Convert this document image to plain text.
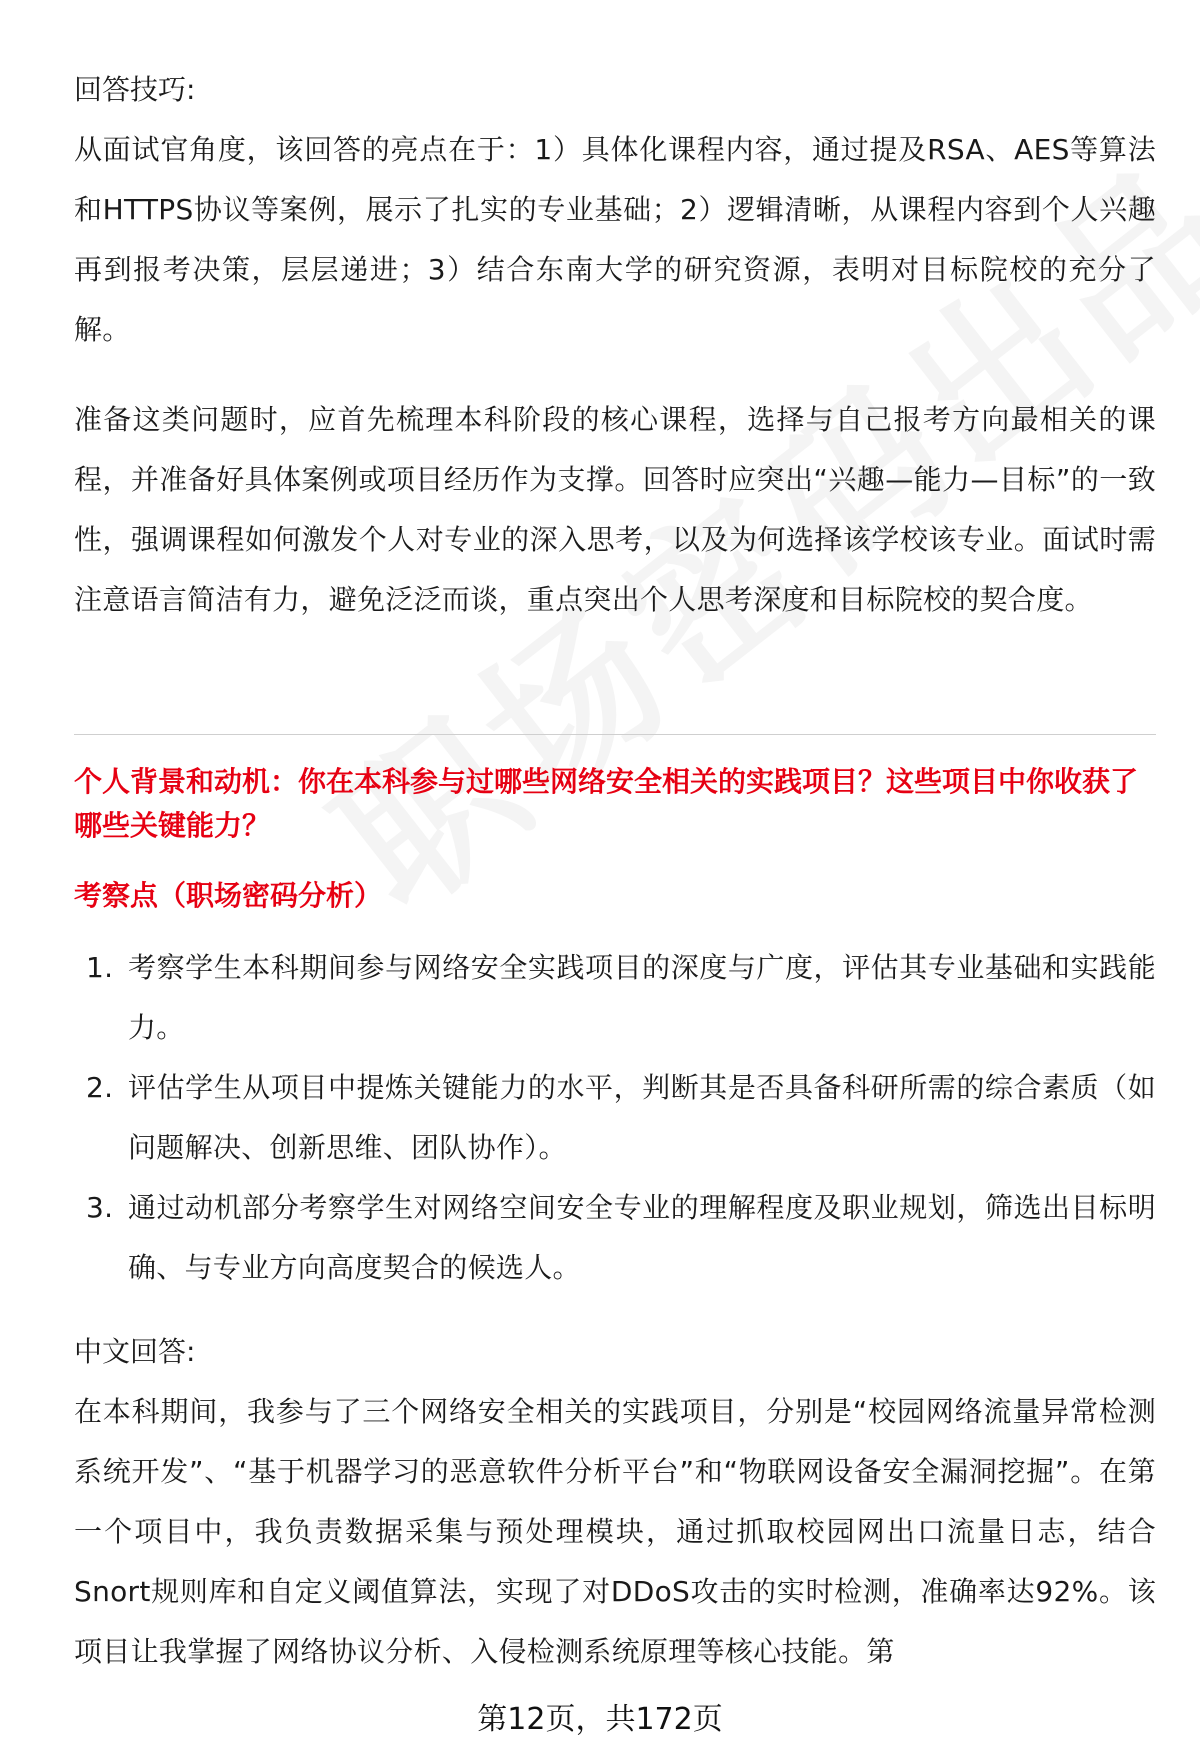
回答技巧:

从面试官角度，该回答的亮点在于：1）具体化课程内容，通过提及RSA、AES等算法和HTTPS协议等案例，展示了扎实的专业基础；2）逻辑清晰，从课程内容到个人兴趣再到报考决策，层层递进；3）结合东南大学的研究资源，表明对目标院校的充分了解。

准备这类问题时，应首先梳理本科阶段的核心课程，选择与自己报考方向最相关的课程，并准备好具体案例或项目经历作为支撑。回答时应突出“兴趣—能力—目标”的一致性，强调课程如何激发个人对专业的深入思考，以及为何选择该学校该专业。面试时需注意语言简洁有力，避免泛泛而谈，重点突出个人思考深度和目标院校的契合度。

个人背景和动机：你在本科参与过哪些网络安全相关的实践项目？这些项目中你收获了哪些关键能力？

考察点（职场密码分析）

1. 考察学生本科期间参与网络安全实践项目的深度与广度，评估其专业基础和实践能力。
2. 评估学生从项目中提炼关键能力的水平，判断其是否具备科研所需的综合素质（如问题解决、创新思维、团队协作）。
3. 通过动机部分考察学生对网络空间安全专业的理解程度及职业规划，筛选出目标明确、与专业方向高度契合的候选人。

中文回答:

在本科期间，我参与了三个网络安全相关的实践项目，分别是“校园网络流量异常检测系统开发”、“基于机器学习的恶意软件分析平台”和“物联网设备安全漏洞挖掘”。在第一个项目中，我负责数据采集与预处理模块，通过抓取校园网出口流量日志，结合Snort规则库和自定义阈值算法，实现了对DDoS攻击的实时检测，准确率达92%。该项目让我掌握了网络协议分析、入侵检测系统原理等核心技能。第

第12页，共172页
